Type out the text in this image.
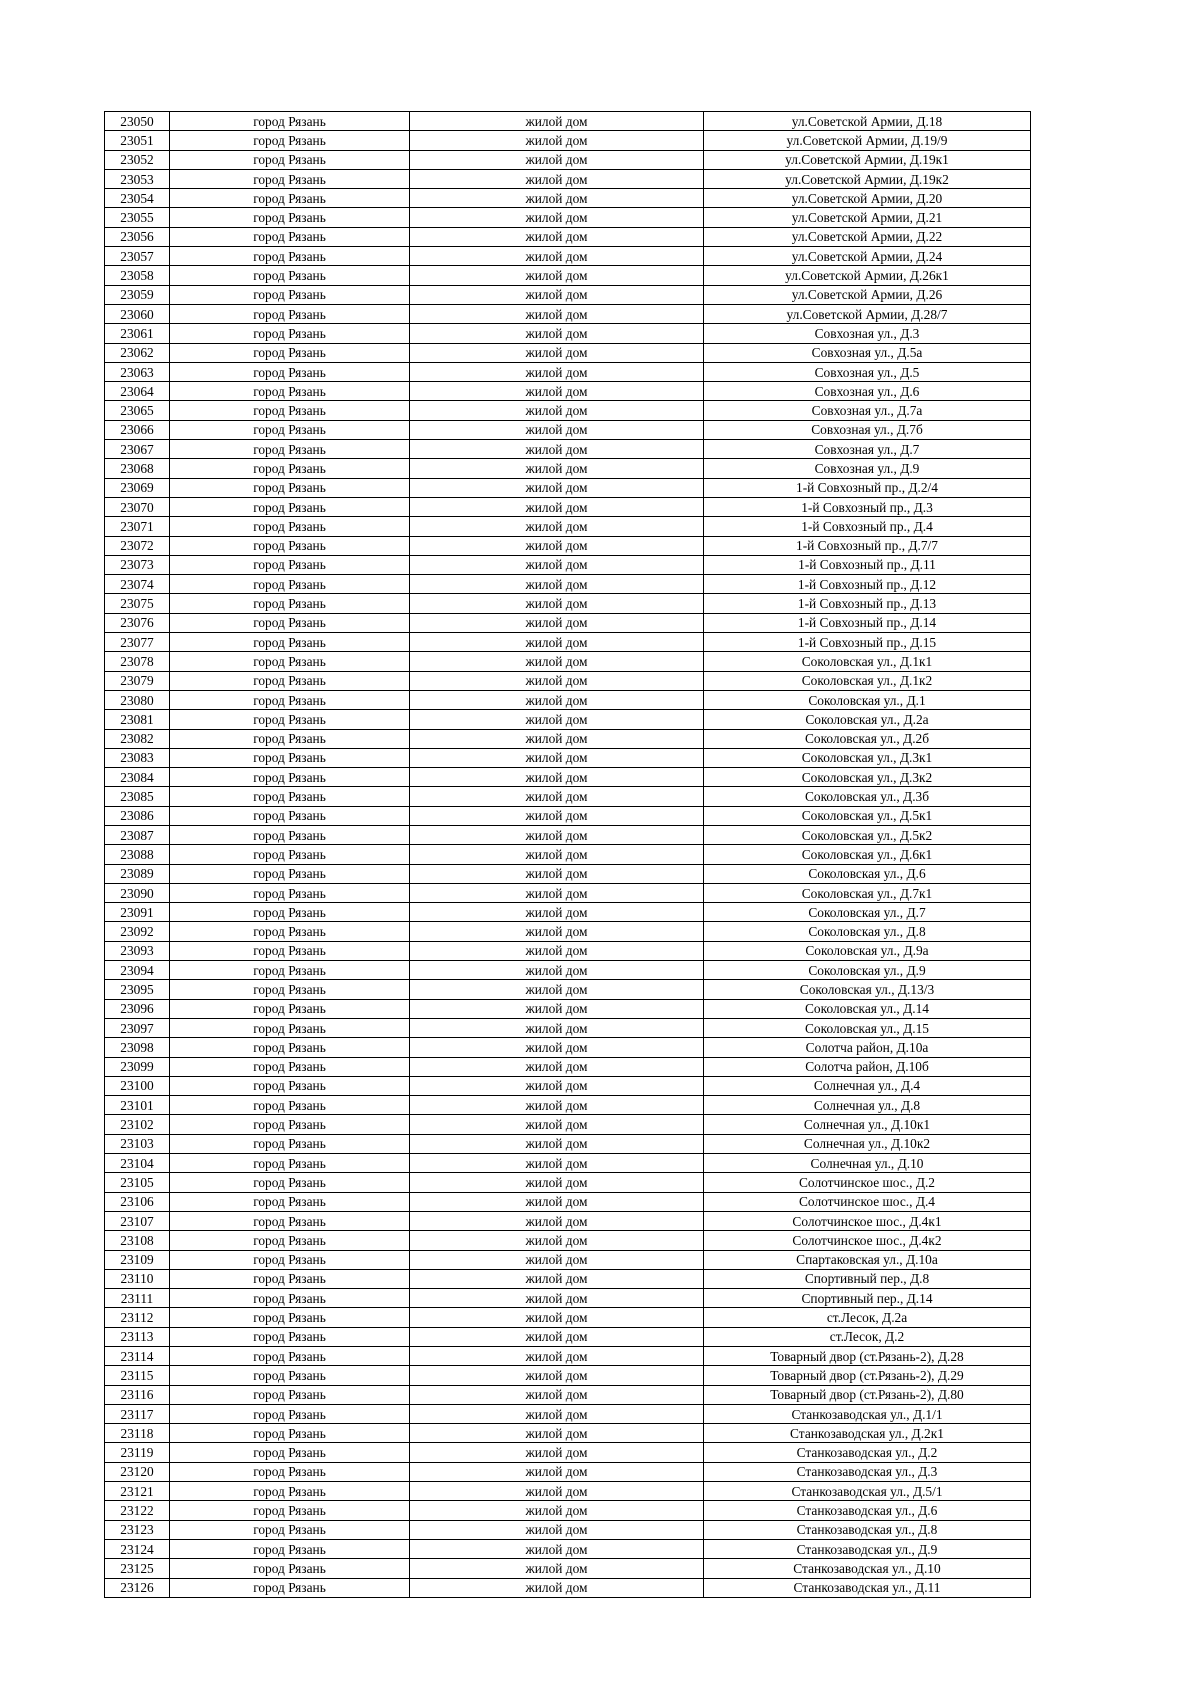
23050	город Рязань	жилой дом	ул.Советской Армии, Д.18
23051	город Рязань	жилой дом	ул.Советской Армии, Д.19/9
23052	город Рязань	жилой дом	ул.Советской Армии, Д.19к1
23053	город Рязань	жилой дом	ул.Советской Армии, Д.19к2
23054	город Рязань	жилой дом	ул.Советской Армии, Д.20
23055	город Рязань	жилой дом	ул.Советской Армии, Д.21
23056	город Рязань	жилой дом	ул.Советской Армии, Д.22
23057	город Рязань	жилой дом	ул.Советской Армии, Д.24
23058	город Рязань	жилой дом	ул.Советской Армии, Д.26к1
23059	город Рязань	жилой дом	ул.Советской Армии, Д.26
23060	город Рязань	жилой дом	ул.Советской Армии, Д.28/7
23061	город Рязань	жилой дом	Совхозная ул., Д.3
23062	город Рязань	жилой дом	Совхозная ул., Д.5а
23063	город Рязань	жилой дом	Совхозная ул., Д.5
23064	город Рязань	жилой дом	Совхозная ул., Д.6
23065	город Рязань	жилой дом	Совхозная ул., Д.7а
23066	город Рязань	жилой дом	Совхозная ул., Д.7б
23067	город Рязань	жилой дом	Совхозная ул., Д.7
23068	город Рязань	жилой дом	Совхозная ул., Д.9
23069	город Рязань	жилой дом	1-й Совхозный пр., Д.2/4
23070	город Рязань	жилой дом	1-й Совхозный пр., Д.3
23071	город Рязань	жилой дом	1-й Совхозный пр., Д.4
23072	город Рязань	жилой дом	1-й Совхозный пр., Д.7/7
23073	город Рязань	жилой дом	1-й Совхозный пр., Д.11
23074	город Рязань	жилой дом	1-й Совхозный пр., Д.12
23075	город Рязань	жилой дом	1-й Совхозный пр., Д.13
23076	город Рязань	жилой дом	1-й Совхозный пр., Д.14
23077	город Рязань	жилой дом	1-й Совхозный пр., Д.15
23078	город Рязань	жилой дом	Соколовская ул., Д.1к1
23079	город Рязань	жилой дом	Соколовская ул., Д.1к2
23080	город Рязань	жилой дом	Соколовская ул., Д.1
23081	город Рязань	жилой дом	Соколовская ул., Д.2а
23082	город Рязань	жилой дом	Соколовская ул., Д.2б
23083	город Рязань	жилой дом	Соколовская ул., Д.3к1
23084	город Рязань	жилой дом	Соколовская ул., Д.3к2
23085	город Рязань	жилой дом	Соколовская ул., Д.3б
23086	город Рязань	жилой дом	Соколовская ул., Д.5к1
23087	город Рязань	жилой дом	Соколовская ул., Д.5к2
23088	город Рязань	жилой дом	Соколовская ул., Д.6к1
23089	город Рязань	жилой дом	Соколовская ул., Д.6
23090	город Рязань	жилой дом	Соколовская ул., Д.7к1
23091	город Рязань	жилой дом	Соколовская ул., Д.7
23092	город Рязань	жилой дом	Соколовская ул., Д.8
23093	город Рязань	жилой дом	Соколовская ул., Д.9а
23094	город Рязань	жилой дом	Соколовская ул., Д.9
23095	город Рязань	жилой дом	Соколовская ул., Д.13/3
23096	город Рязань	жилой дом	Соколовская ул., Д.14
23097	город Рязань	жилой дом	Соколовская ул., Д.15
23098	город Рязань	жилой дом	Солотча район, Д.10а
23099	город Рязань	жилой дом	Солотча район, Д.10б
23100	город Рязань	жилой дом	Солнечная ул., Д.4
23101	город Рязань	жилой дом	Солнечная ул., Д.8
23102	город Рязань	жилой дом	Солнечная ул., Д.10к1
23103	город Рязань	жилой дом	Солнечная ул., Д.10к2
23104	город Рязань	жилой дом	Солнечная ул., Д.10
23105	город Рязань	жилой дом	Солотчинское шос., Д.2
23106	город Рязань	жилой дом	Солотчинское шос., Д.4
23107	город Рязань	жилой дом	Солотчинское шос., Д.4к1
23108	город Рязань	жилой дом	Солотчинское шос., Д.4к2
23109	город Рязань	жилой дом	Спартаковская ул., Д.10а
23110	город Рязань	жилой дом	Спортивный пер., Д.8
23111	город Рязань	жилой дом	Спортивный пер., Д.14
23112	город Рязань	жилой дом	ст.Лесок, Д.2а
23113	город Рязань	жилой дом	ст.Лесок, Д.2
23114	город Рязань	жилой дом	Товарный двор (ст.Рязань-2), Д.28
23115	город Рязань	жилой дом	Товарный двор (ст.Рязань-2), Д.29
23116	город Рязань	жилой дом	Товарный двор (ст.Рязань-2), Д.80
23117	город Рязань	жилой дом	Станкозаводская ул., Д.1/1
23118	город Рязань	жилой дом	Станкозаводская ул., Д.2к1
23119	город Рязань	жилой дом	Станкозаводская ул., Д.2
23120	город Рязань	жилой дом	Станкозаводская ул., Д.3
23121	город Рязань	жилой дом	Станкозаводская ул., Д.5/1
23122	город Рязань	жилой дом	Станкозаводская ул., Д.6
23123	город Рязань	жилой дом	Станкозаводская ул., Д.8
23124	город Рязань	жилой дом	Станкозаводская ул., Д.9
23125	город Рязань	жилой дом	Станкозаводская ул., Д.10
23126	город Рязань	жилой дом	Станкозаводская ул., Д.11
